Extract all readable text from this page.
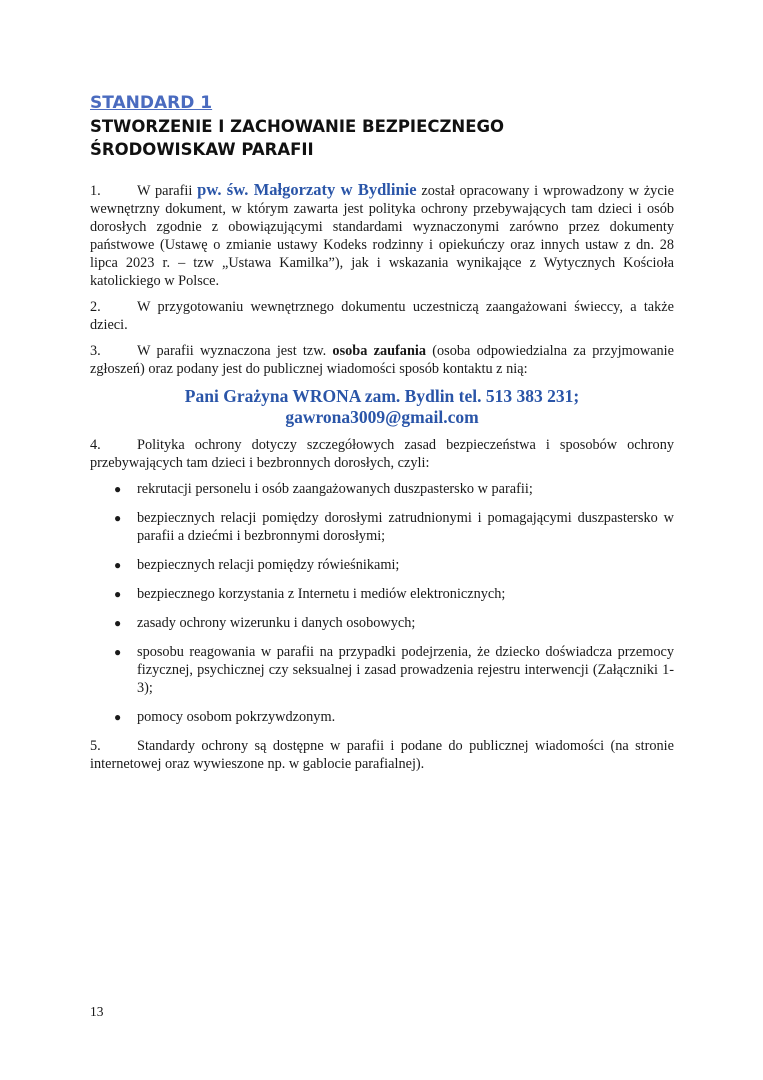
STANDARD 1
STWORZENIE I ZACHOWANIE BEZPIECZNEGO
ŚRODOWISKAW PARAFII

1.	W parafii pw. św. Małgorzaty w Bydlinie został opracowany i wprowadzony w życie wewnętrzny dokument, w którym zawarta jest polityka ochrony przebywających tam dzieci i osób dorosłych zgodnie z obowiązującymi standardami wyznaczonymi zarówno przez dokumenty państwowe (Ustawę o zmianie ustawy Kodeks rodzinny i opiekuńczy oraz innych ustaw z dn. 28 lipca 2023 r. – tzw „Ustawa Kamilka”), jak i wskazania wynikające z Wytycznych Kościoła katolickiego w Polsce.

2.	W przygotowaniu wewnętrznego dokumentu uczestniczą zaangażowani świeccy, a także dzieci.

3.	W parafii wyznaczona jest tzw. osoba zaufania (osoba odpowiedzialna za przyjmowanie zgłoszeń) oraz podany jest do publicznej wiadomości sposób kontaktu z nią:

Pani Grażyna WRONA zam. Bydlin tel. 513 383 231;
gawrona3009@gmail.com

4.	Polityka ochrony dotyczy szczegółowych zasad bezpieczeństwa i sposobów ochrony przebywających tam dzieci i bezbronnych dorosłych, czyli:

● rekrutacji personelu i osób zaangażowanych duszpastersko w parafii;
● bezpiecznych relacji pomiędzy dorosłymi zatrudnionymi i pomagającymi duszpastersko w parafii a dziećmi i bezbronnymi dorosłymi;
● bezpiecznych relacji pomiędzy rówieśnikami;
● bezpiecznego korzystania z Internetu i mediów elektronicznych;
● zasady ochrony wizerunku i danych osobowych;
● sposobu reagowania w parafii na przypadki podejrzenia, że dziecko doświadcza przemocy fizycznej, psychicznej czy seksualnej i zasad prowadzenia rejestru interwencji (Załączniki 1-3);
● pomocy osobom pokrzywdzonym.

5.	Standardy ochrony są dostępne w parafii i podane do publicznej wiadomości (na stronie internetowej oraz wywieszone np. w gablocie parafialnej).

13
